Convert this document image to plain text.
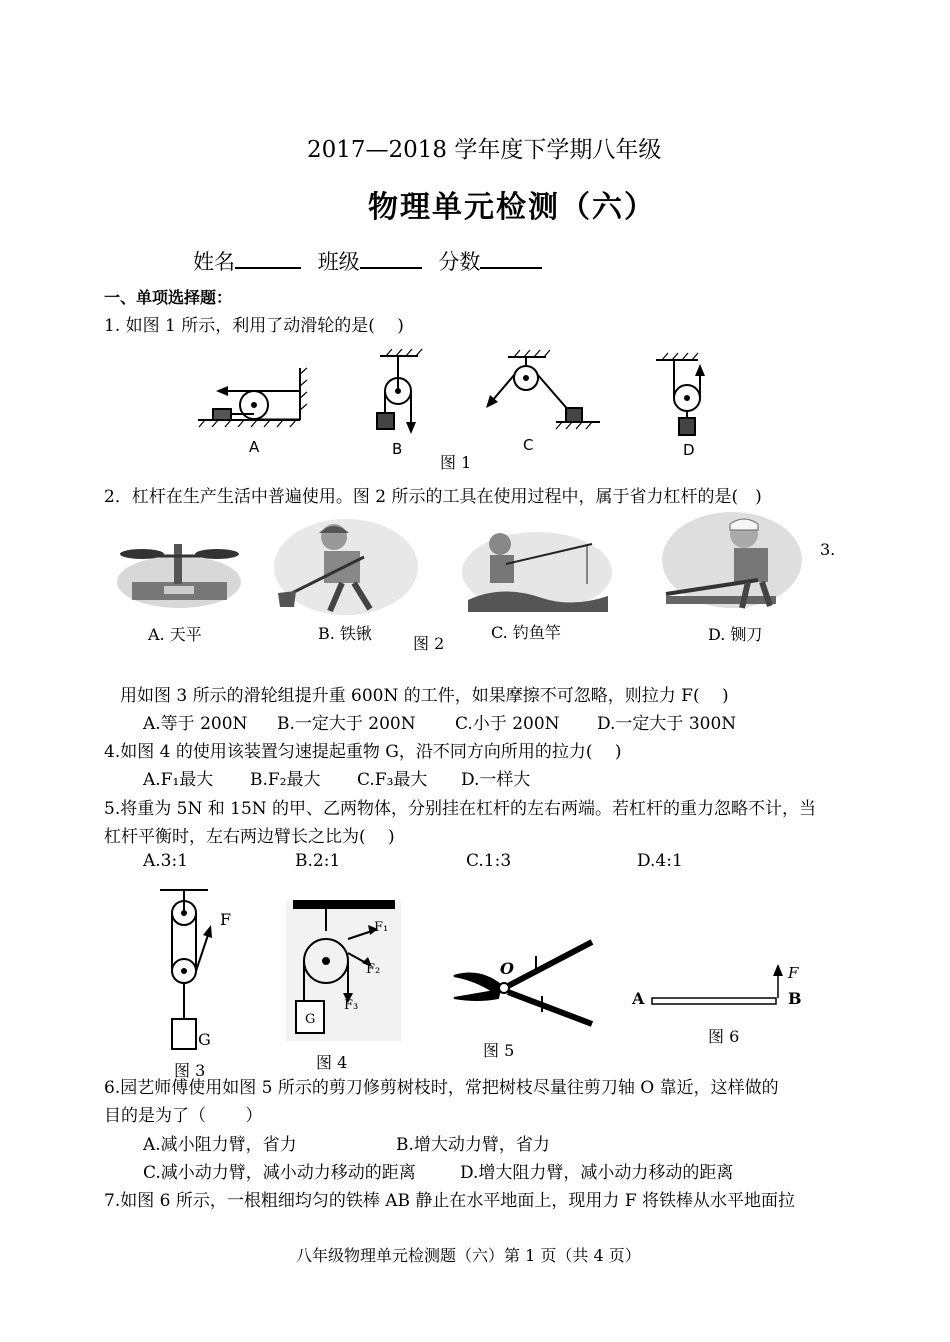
2017—2018 学年度下学期八年级
物理单元检测（六）
姓名	班级	分数
一、单项选择题：
1. 如图 1 所示，利用了动滑轮的是(　 )
A	B	C	D
图 1
2．杠杆在生产生活中普遍使用。图 2 所示的工具在使用过程中，属于省力杠杆的是(　)
A. 天平	B. 铁锹
图 2
C. 钓鱼竿	D. 铡刀
3.
用如图 3 所示的滑轮组提升重 600N 的工件，如果摩擦不可忽略，则拉力 F(　 )
A.等于 200N B.一定大于 200N C.小于 200N D.一定大于 300N
4.如图 4 的使用该装置匀速提起重物 G，沿不同方向所用的拉力(　 )
A.F₁最大 B.F₂最大 C.F₃最大 D.一样大
5.将重为 5N 和 15N 的甲、乙两物体，分别挂在杠杆的左右两端。若杠杆的重力忽略不计，当
杠杆平衡时，左右两边臂长之比为(　 )
A.3:1	B.2:1	C.1:3	D.4:1
F
G
图 3
F₁
F₂
F₃
G
图 4
O
图 5
A	B
F
图 6
6.园艺师傅使用如图 5 所示的剪刀修剪树枝时，常把树枝尽量往剪刀轴 O 靠近，这样做的
目的是为了（　　 ）
A.减小阻力臂，省力	B.增大动力臂，省力
C.减小动力臂，减小动力移动的距离	D.增大阻力臂，减小动力移动的距离
7.如图 6 所示，一根粗细均匀的铁棒 AB 静止在水平地面上，现用力 F 将铁棒从水平地面拉
八年级物理单元检测题（六）第 1 页（共 4 页）
